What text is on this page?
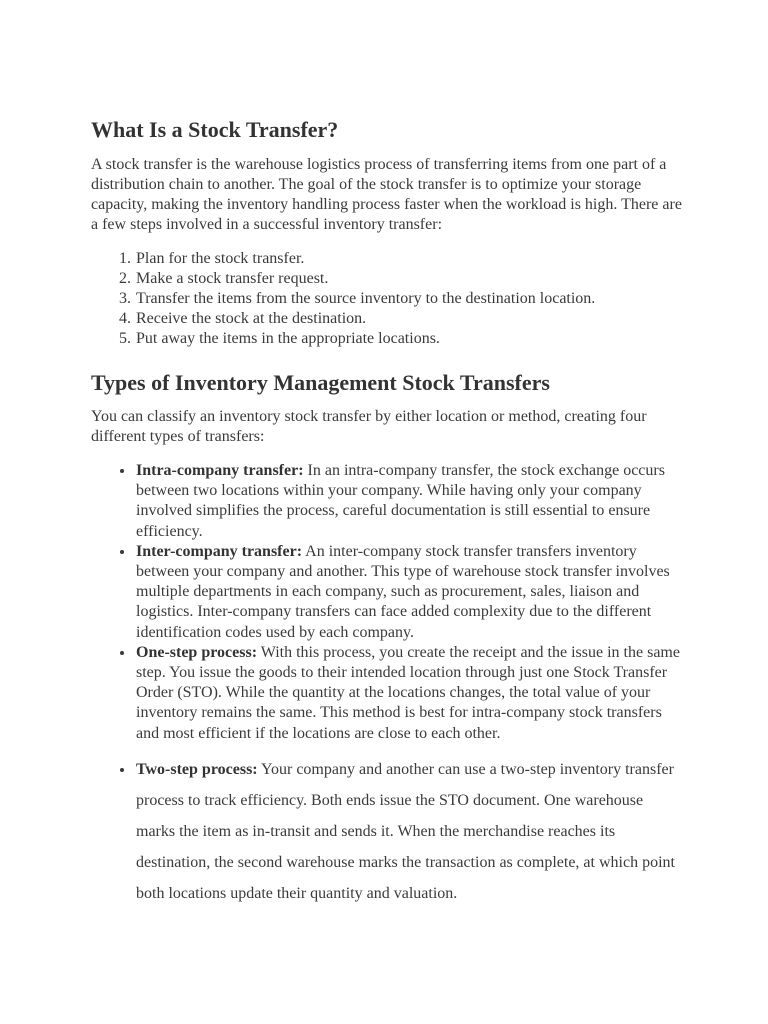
What Is a Stock Transfer?

A stock transfer is the warehouse logistics process of transferring items from one part of a distribution chain to another. The goal of the stock transfer is to optimize your storage capacity, making the inventory handling process faster when the workload is high. There are a few steps involved in a successful inventory transfer:

1. Plan for the stock transfer.
2. Make a stock transfer request.
3. Transfer the items from the source inventory to the destination location.
4. Receive the stock at the destination.
5. Put away the items in the appropriate locations.
Types of Inventory Management Stock Transfers

You can classify an inventory stock transfer by either location or method, creating four different types of transfers:

• Intra-company transfer: In an intra-company transfer, the stock exchange occurs between two locations within your company. While having only your company involved simplifies the process, careful documentation is still essential to ensure efficiency.
• Inter-company transfer: An inter-company stock transfer transfers inventory between your company and another. This type of warehouse stock transfer involves multiple departments in each company, such as procurement, sales, liaison and logistics. Inter-company transfers can face added complexity due to the different identification codes used by each company.
• One-step process: With this process, you create the receipt and the issue in the same step. You issue the goods to their intended location through just one Stock Transfer Order (STO). While the quantity at the locations changes, the total value of your inventory remains the same. This method is best for intra-company stock transfers and most efficient if the locations are close to each other.
• Two-step process: Your company and another can use a two-step inventory transfer process to track efficiency. Both ends issue the STO document. One warehouse marks the item as in-transit and sends it. When the merchandise reaches its destination, the second warehouse marks the transaction as complete, at which point both locations update their quantity and valuation.
